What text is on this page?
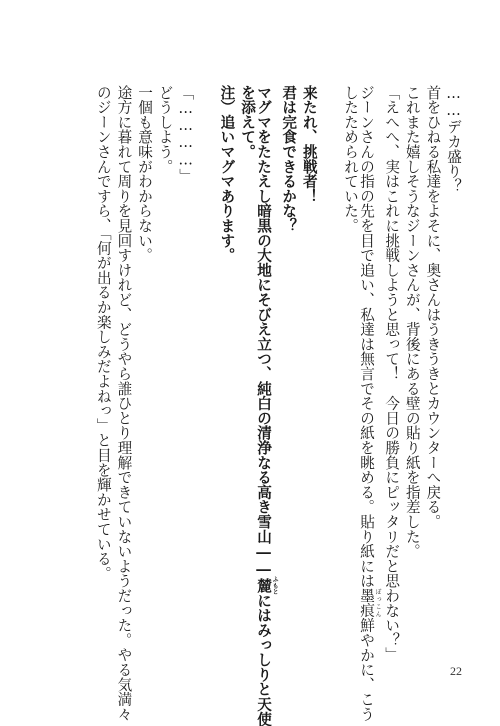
……デカ盛り？
首をひねる私達をよそに、奥さんはうきうきとカウンターへ戻る。
これまた嬉しそうなジーンさんが、背後にある壁の貼り紙を指差した。
「えへへ、実はこれに挑戦しようと思って！　今日の勝負にピッタリだと思わない？」
ジーンさんの指の先を目で追い、私達は無言でその紙を眺める。貼り紙には墨痕 ぼっこん鮮やかに、こう
したためられていた。
来たれ、挑戦者！
君は完食できるかな？
マグマをたたえし暗黒の大地にそびえ立つ、純白の清浄なる高き雪山――麓 ふもとにはみっしりと天使
を添えて。
注）追いマグマあります。
「…………」
どうしよう。
一個も意味がわからない。
途方に暮れて周りを見回すけれど、どうやら誰ひとり理解できていないようだった。やる気満々
のジーンさんですら、「何が出るか楽しみだよねっ」と目を輝かせている。
22
